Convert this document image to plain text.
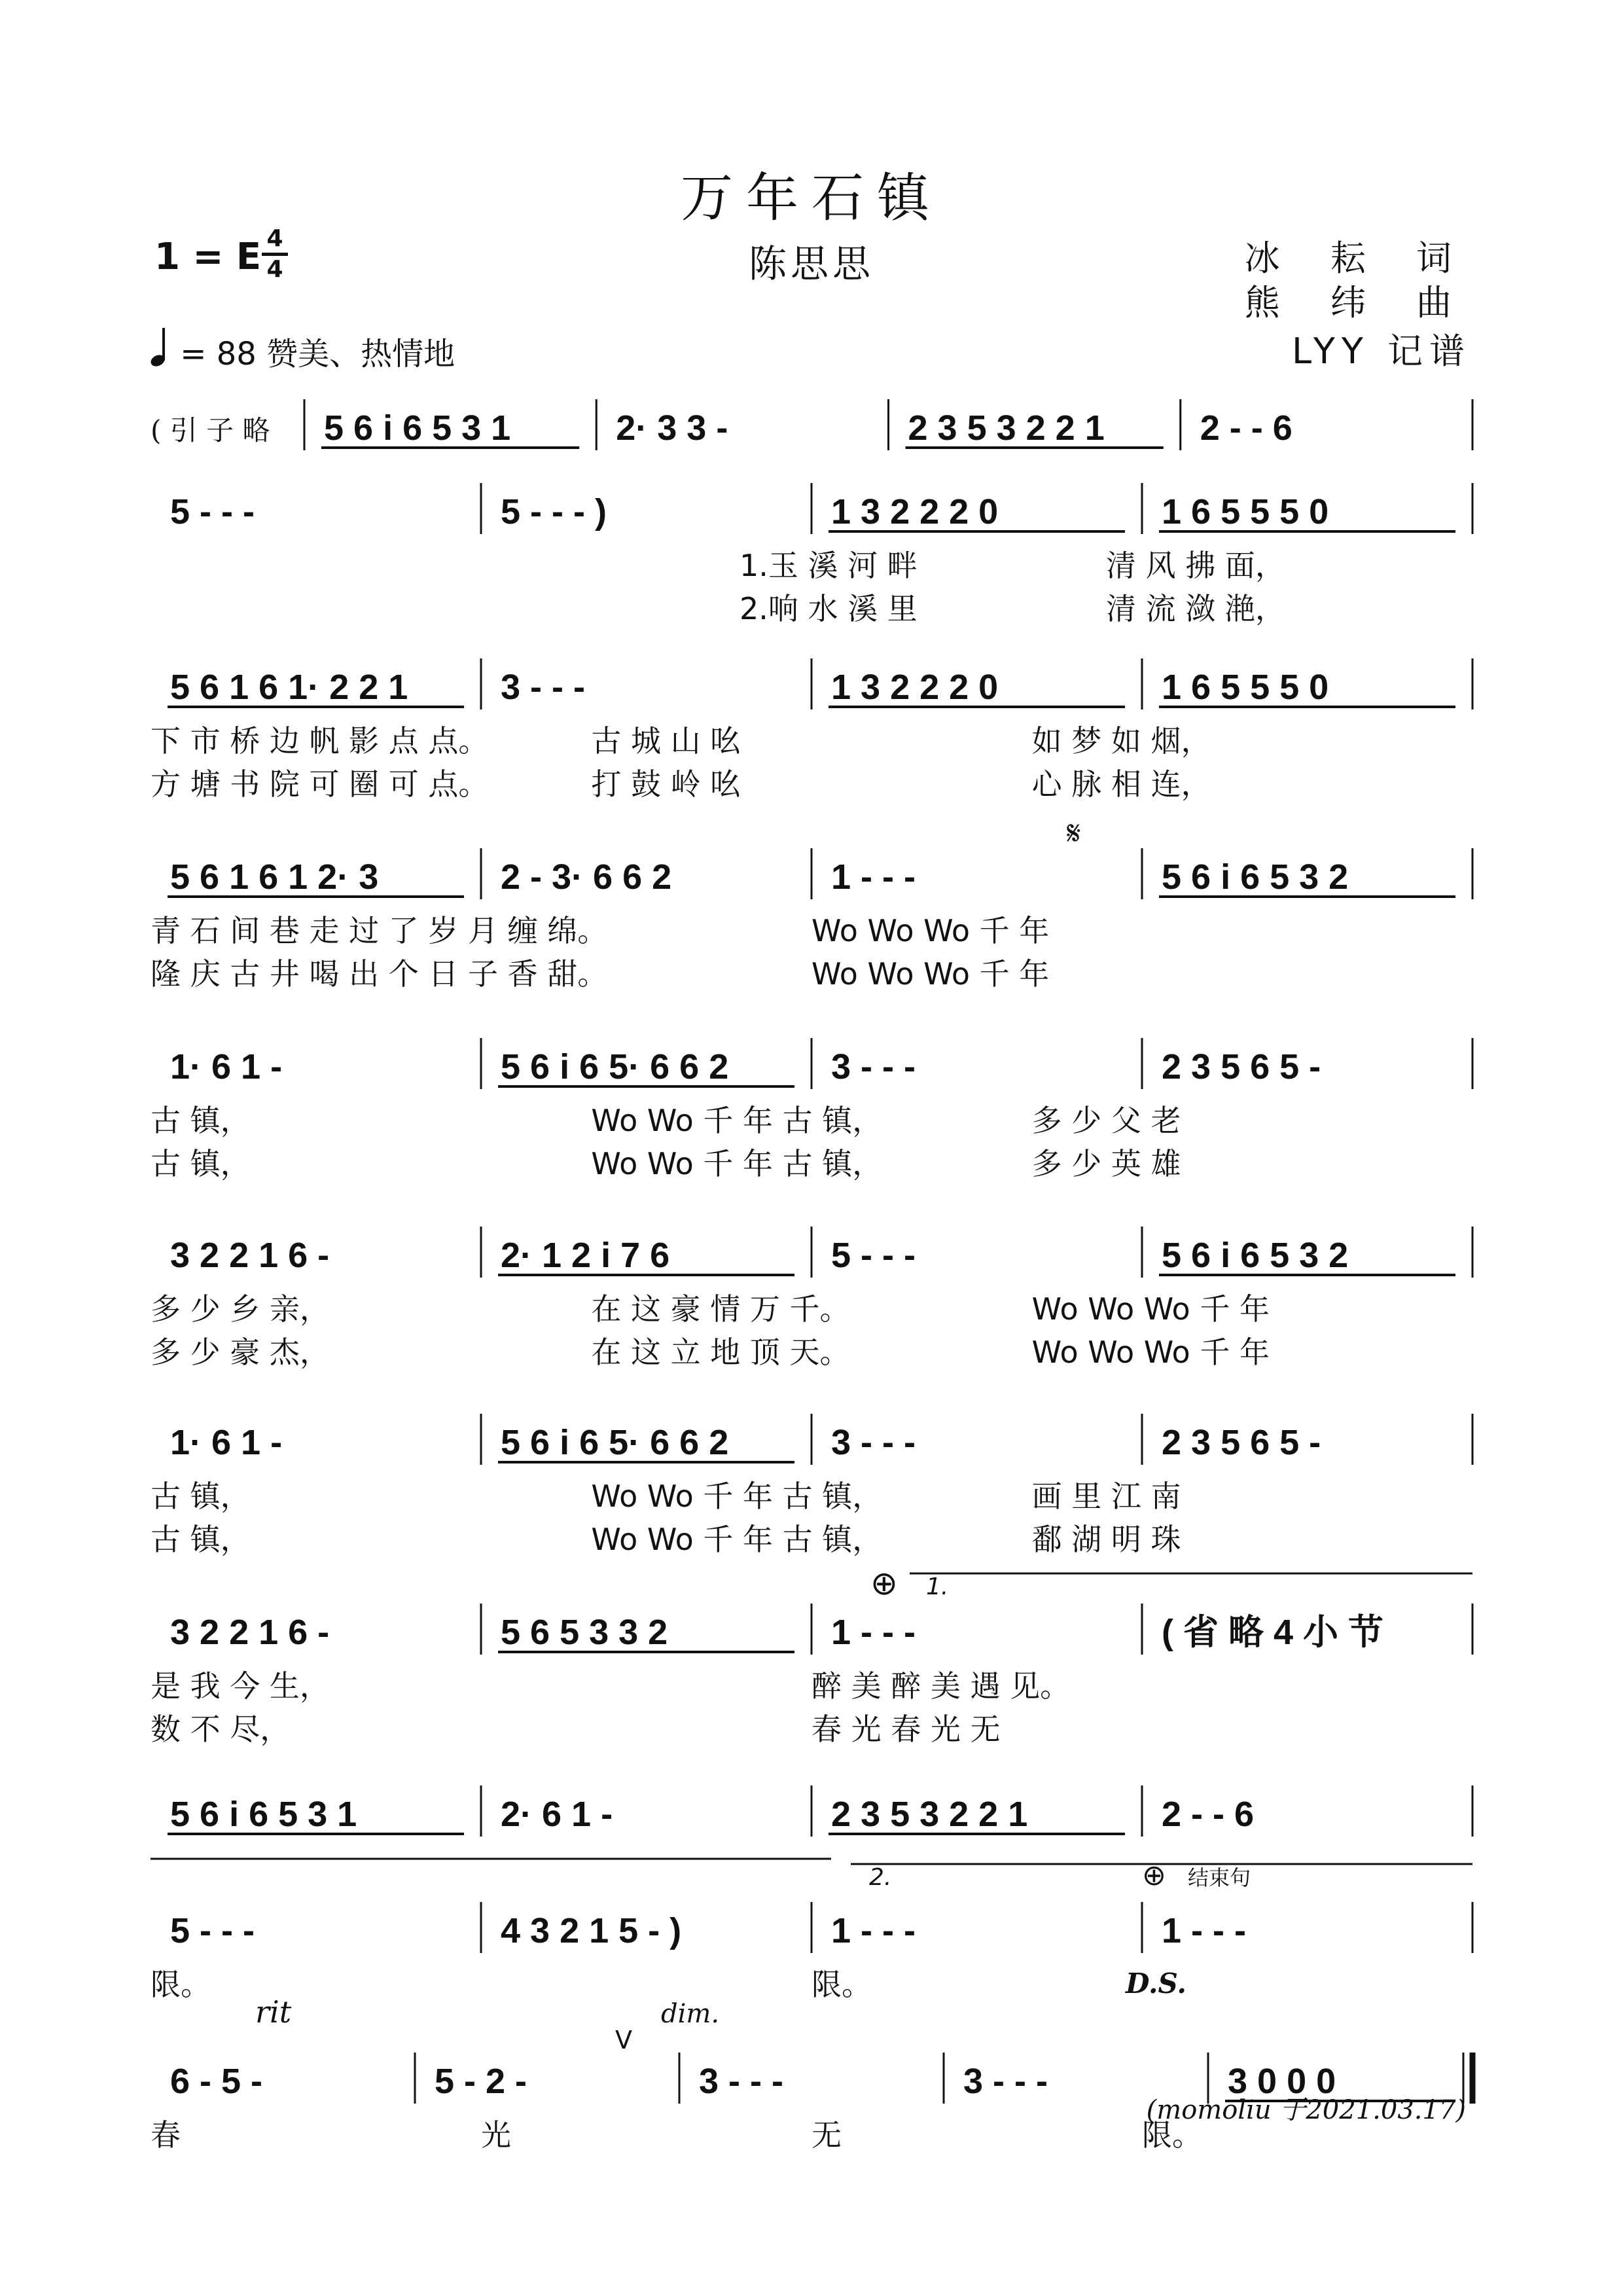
万年石镇
1 = E 4
4	陈思思	冰 耘 词
熊 纬 曲
LYY 记谱
= 88 赞美、热情地
( 引 子 略 5 6 i 6 5 3 1	2· 3 3 -	2 3 5 3 2 2 1	2 - - 6
5 - - -	5 - - - )	1 3 2 2 2 0	1 6 5 5 5 0
1.玉 溪 河 畔	清 风 拂 面，
2.响 水 溪 里	清 流 潋 滟，
5 6 1 6 1· 2 2 1	3 - - -	1 3 2 2 2 0	1 6 5 5 5 0
下 市 桥 边 帆 影 点 点。	古 城 山 吆	如 梦 如 烟，
方 塘 书 院 可 圈 可 点。	打 鼓 岭 吆	心 脉 相 连，
5 6 1 6 1 2· 3	2 - 3· 6 6 2	1 - - -	5 6 i 6 5 3 2
青 石 间 巷 走 过 了 岁 月 缠 绵。	Wo Wo Wo 千 年
隆 庆 古 井 喝 出 个 日 子 香 甜。	Wo Wo Wo 千 年
1· 6 1 -	5 6 i 6 5· 6 6 2	3 - - -	2 3 5 6 5 -
古 镇，	Wo Wo 千 年 古 镇，	多 少 父 老
古 镇，	Wo Wo 千 年 古 镇，	多 少 英 雄
3 2 2 1 6 -	2· 1 2 i 7 6	5 - - -	5 6 i 6 5 3 2
多 少 乡 亲，	在 这 豪 情 万 千。	Wo Wo Wo 千 年
多 少 豪 杰，	在 这 立 地 顶 天。	Wo Wo Wo 千 年
1· 6 1 -	5 6 i 6 5· 6 6 2	3 - - -	2 3 5 6 5 -
古 镇，	Wo Wo 千 年 古 镇，	画 里 江 南
古 镇，	Wo Wo 千 年 古 镇，	鄱 湖 明 珠
3 2 2 1 6 -	5 6 5 3 3 2	1 - - -	( 省 略 4 小 节
是 我 今 生，	醉 美 醉 美 遇 见。
数 不 尽，	春 光 春 光 无
5 6 i 6 5 3 1	2· 6 1 -	2 3 5 3 2 2 1	2 - - 6
5 - - -	4 3 2 1 5 - )	1 - - -	1 - - -
限。	限。
6 - 5 -	5 - 2 -	3 - - -	3 - - -	3 0 0 0
春	光	无	限。
𝄋
⊕ 1.
2.	⊕ 结束句
D.S.
rit	dim.
V
(momoliu 于2021.03.17)
